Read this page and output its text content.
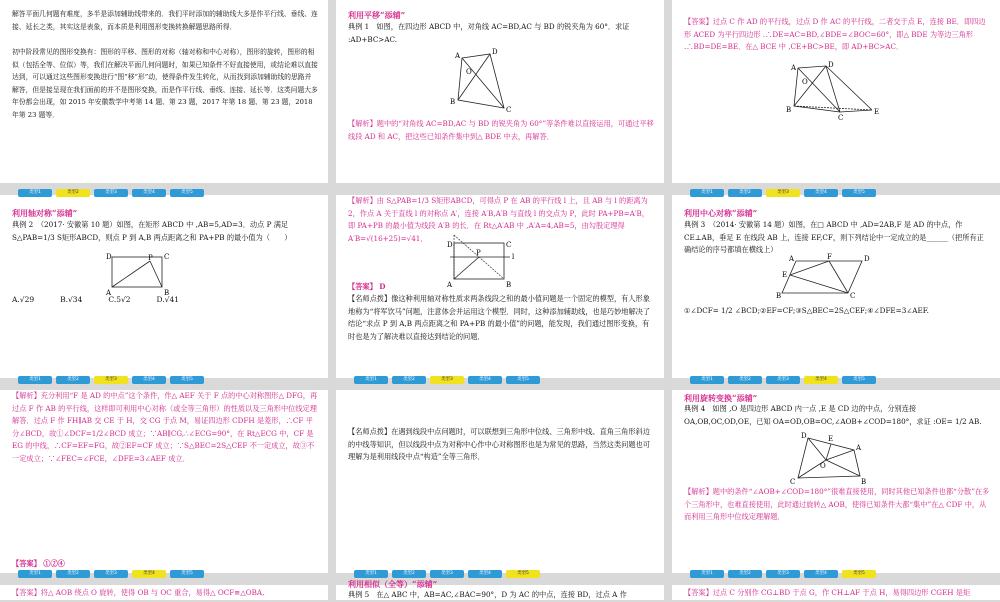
解答平面几何题有难度，多半是添加辅助线带来的．我们平时添加的辅助线大多是作平行线、垂线、连接、延长之类，其实这是表象，而本质是利用图形变换转换解题思路所得．
初中阶段常见的图形变换有：图形的平移、图形的对称（轴对称和中心对称），图形的旋转，图形的相似（包括全等、位似）等，我们在解决平面几何问题时，如果已知条件不好直接使用，或结论难以直接达到，可以通过这些图形变换进行“图”移“形”动，使得条件发生转化，从而找到添加辅助线的思路并解答，但是接呈现在我们面前的并不是图形变换，而是作平行线、垂线、连接、延长等．这类问题大多年份都会出现，如 2015 年安徽数学中考第 14 题、第 23 题，2017 年第 18 题、第 23 题，2018 年第 23 题等．
利用平移“添辅”
典例 1　如图，在四边形 ABCD 中，对角线 AC=BD,AC 与 BD 的锐夹角为 60°．求证 :AD+BC>AC.
A	D
O
B
C
【解析】题中的“对角线 AC=BD,AC 与 BD 的锐夹角为 60°”等条件难以直接运用，可通过平移线段 AD 和 AC，把这些已知条件集中到△ BDE 中去，再解答．
【答案】过点 C 作 AD 的平行线，过点 D 作 AC 的平行线，二者交于点 E，连接 BE．即四边形 ACED 为平行四边形 .∴DE=AC=BD,∠BDE=∠BOC=60°，即△ BDE 为等边三角形 .∴BD=DE=BE．在△ BCE 中 ,CE+BC>BE，即 AD+BC>AC．
A	D
O
B
C
E
类型1	类型2	类型3	类型4	类型5
利用轴对称“添辅”
典例 2　（2017· 安徽第 10 题）如图，在矩形 ABCD 中 ,AB=5,AD=3．动点 P 满足 S△PAB=1/3 S矩形ABCD，则点 P 到 A,B 两点距离之和 PA+PB 的最小值为（　　）
D	C
P
A	B
A.√29	B.√34	C.5√2	D.√41
【解析】由 S△PAB=1/3 S矩形ABCD，可得点 P 在 AB 的平行线 l 上，且 AB 与 l 的距离为 2，作点 A 关于直线 l 的对称点 A′，连接 A′B,A′B 与直线 l 的交点为 P，此时 PA+PB=A′B，即 PA+PB 的最小值为线段 A′B 的长．在 Rt△A′AB 中 ,A′A=4,AB=5，由勾股定理得 A′B=√(16+25)=√41．
D	C
P	l
A	B
【答案】 D
【名师点拨】像这种利用轴对称性质求两条线段之和的最小值问题是一个固定的模型，有人形象地称为“将军饮马”问题，注意体会并运用这个模型．同时，这种添加辅助线，也是巧妙地解决了结论“求点 P 到 A,B 两点距离之和 PA+PB 的最小值”的问题，能发现，我们通过图形变换，有时也是为了解决难以直接达到结论的问题．
类型1	类型2	类型3	类型4	类型5
利用中心对称“添辅”
典例 3　（2014· 安徽第 14 题）如图，在□ ABCD 中 ,AD=2AB,F 是 AD 的中点，作 CE⊥AB，垂足 E 在线段 AB 上，连接 EF,CF，则下列结论中一定成立的是______（把所有正确结论的序号都填在横线上）
A	F	D
E
B	C
①∠DCF= 1/2 ∠BCD;②EF=CF;③S△BEC=2S△CEF;④∠DFE=3∠AEF.
类型1	类型2	类型3	类型4	类型5
【解析】充分利用“F 是 AD 的中点”这个条件，作△ AEF 关于 F 点的中心对称图形△ DFG，再过点 F 作 AB 的平行线，这样即可利用中心对称（或全等三角形）的性质以及三角形中位线定理解答．过点 F 作 FH∥AB 交 CE 于 H，交 CG 于点 M，易证四边形 CDFH 是菱形，∴CF 平分∠BCD，故①∠DCF=1/2∠BCD 成立；∵AB∥CG,∴∠ECG=90°，在 Rt△ECG 中，CF 是 EG 的中线，∴CF=EF=FG，故②EF=CF 成立；∵S△BEC=2S△CEF 不一定成立，故③不一定成立；∵∠FEC=∠FCE，∠DFE=3∠AEF 成立．
【答案】 ①②④
类型1	类型2	类型3	类型4	类型5
【名师点拨】在遇到线段中点问题时，可以联想到三角形中位线、三角形中线、直角三角形斜边的中线等知识，但以线段中点为对称中心作中心对称图形也是为常见的思路，当然这类问题也可理解为是利用线段中点“构造”全等三角形．
类型1	类型2	类型3	类型4	类型5
利用旋转变换“添辅”
典例 4　如图 ,O 是四边形 ABCD 内一点 ,E 是 CD 边的中点，分别连接 OA,OB,OC,OD,OE，已知 OA=OD,OB=OC,∠AOB+∠COD=180°，求证 :OE= 1/2 AB.
D	E
A
O
C	B
【解析】题中的条件“∠AOB+∠COD=180°”很难直接使用，同时其他已知条件也都“分散”在多个三角形中，也难直接使用，此时通过旋转△ AOB，使得已知条件大都“集中”在△ CDF 中，从而利用三角形中位线定理解题．
类型1	类型2	类型3	类型4	类型5
【答案】将△ AOB 绕点 O 旋转，使得 OB 与 OC 重合，易得△ OCF≌△OBA,
类型1	类型2	类型3	类型4	类型5
利用相似（全等）“添辅”
典例 5　在△ ABC 中，AB=AC,∠BAC=90°，D 为 AC 的中点，连接 BD，过点 A 作
类型1	类型2	类型3	类型4	类型5
【答案】过点 C 分别作 CG⊥BD 于点 G，作 CH⊥AF 于点 H，易得四边形 CGEH 是矩
